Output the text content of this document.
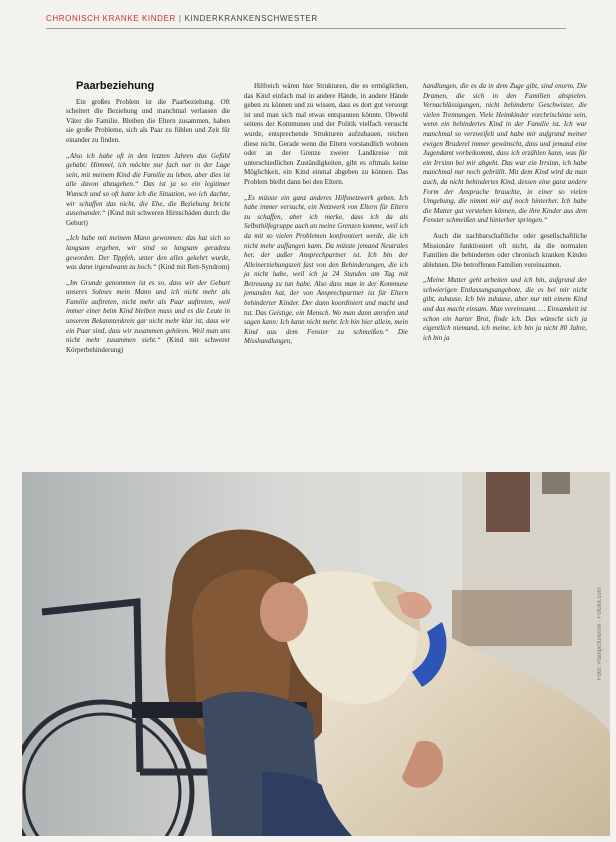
CHRONISCH KRANKE KINDER | KINDERKRANKENSCHWESTER

Paarbeziehung

Ein großes Problem ist die Paarbeziehung. Oft scheitert die Beziehung und manchmal verlassen die Väter die Familie. Bleiben die Eltern zusammen, haben sie große Probleme, sich als Paar zu fühlen und Zeit für einander zu finden.

„Also ich habe oft in den letzten Jahren das Gefühl gehabt: Himmel, ich möchte nur fach nur in der Lage sein, mit meinem Kind die Familie zu leben, aber dies ist alle davon abzugehen.“ Das ist ja so ein legitimer Wunsch und so oft hatte ich die Situation, wo ich dachte, wir schaffen das nicht, die Ehe, die Beziehung bricht auseinander.“ (Kind mit schweren Hirnschäden durch die Geburt)

„Ich habe mit meinem Mann gewonnen: das hat sich so langsam ergeben, wir sind so langsam geradezu geworden. Der Tippfeh, unter den alles gekehrt wurde, was dann irgendwann zu hoch.“ (Kind mit Rett-Syndrom)

„Im Grunde genommen ist es so, dass wir der Geburt unseres Sohnes mein Mann und ich nicht mehr als Familie auftreten, nicht mehr als Paar auftreten, weil immer einer beim Kind bleiben muss und es die Leute in unserem Bekanntenkreis gar nicht mehr klar ist, dass wir ein Paar sind, dass wir zusammen gehören. Weil man uns nicht mehr zusammen sieht.“ (Kind mit schwerer Körperbehinderung)

Hilfreich wären hier Strukturen, die es ermöglichen, das Kind einfach mal in andere Hände, in andere Hände geben zu können und zu wissen, dass es dort gut versorgt ist und man sich mal etwas entspannen könnte. Obwohl seitens der Kommunen und der Politik vielfach versucht wurde, entsprechende Strukturen aufzubauen, reichen diese nicht. Gerade wenn die Eltern vorstandlich wohnen oder an der Grenze zweier Landkreise mit unterschiedlichen Zuständigkeiten, gibt es oftmals keine Möglichkeit, ein Kind einmal abgeben zu können. Das Problem bleibt dann bei den Eltern.

„Es müsste ein ganz anderes Hilfsnetzwerk geben. Ich habe immer versucht, ein Netzwerk von Eltern für Eltern zu schaffen, aber ich merke, dass ich da als Selbsthilfegruppe auch an meine Grenzen komme, weil ich da mit so vielen Problemen konfrontiert werde, die ich nicht mehr auffangen kann. Da müsste jemand Neutrales her, der außer Ansprechpartner ist. Ich bin der Alleinerziehungszeit fast von den Behinderungen, die ich ja nicht habe, weil ich ja 24 Stunden am Tag mit Betreuung zu tun habe. Also dass man in der Kommune jemanden hat, der von Ansprechpartner ist für Eltern behinderter Kinder. Der dann koordiniert und macht und tut. Das Geistige, ein Mensch. Wo man dann anrufen und sagen kann: Ich kann nicht mehr. Ich bin hier allein, mein Kind aus dem Fenster zu schmeißen.“ Die Misshandlungen,

handlungen, die es da in dem Zuge gibt, sind enorm. Die Dramen, die sich in den Familien abspielen. Vernachlässigungen, nicht behinderte Geschwister, die vielen Trennungen. Viele Heimkinder vorchrischinte sein, wenn ein behindertes Kind in der Familie ist. Ich war manchmal so verzweifelt und habe mir aufgrund meiner ewigen Bruderel immer gewünscht, dass und jemand eine Jugendamt vorbeikommt, dass ich erzählen kann, was für ein Irrsinn bei mir abgeht. Das war ein Irrsinn, ich habe manchmal nur noch gebrüllt. Mit dem Kind wird da man auch, da nicht behindertes Kind, dessen eine ganz andere Form der Ansprache brauchte, in einer so vielen Umgebung, die nimmt mir auf noch hinterher. Ich habe die Mutter gut verstehen können, die ihre Kinder aus dem Fenster schmeißen und hinterher springen.“

Auch die nachbarschaftliche oder gesellschaftliche Missionäre funktioniert oft nicht, da die normalen Familien die behinderten oder chronisch kranken Kindes ablehnen. Die betroffenen Familien vereinsamen.

„Meine Mutter geht arbeiten und ich bin, aufgrund der schwierigen Entlassungsangebote, die es bei mir nicht gibt, zuhause. Ich bin zuhause, aber nur mit einem Kind und das macht einsam. Man vereinsamt. … Einsamkeit ist schon ein harter Brot, finde ich. Das wünscht sich ja eigentlich niemand, ich meine, ich bin ja nicht 80 Jahre, ich bin ja

Foto: Plainpicture/mk · Fotolia.com
